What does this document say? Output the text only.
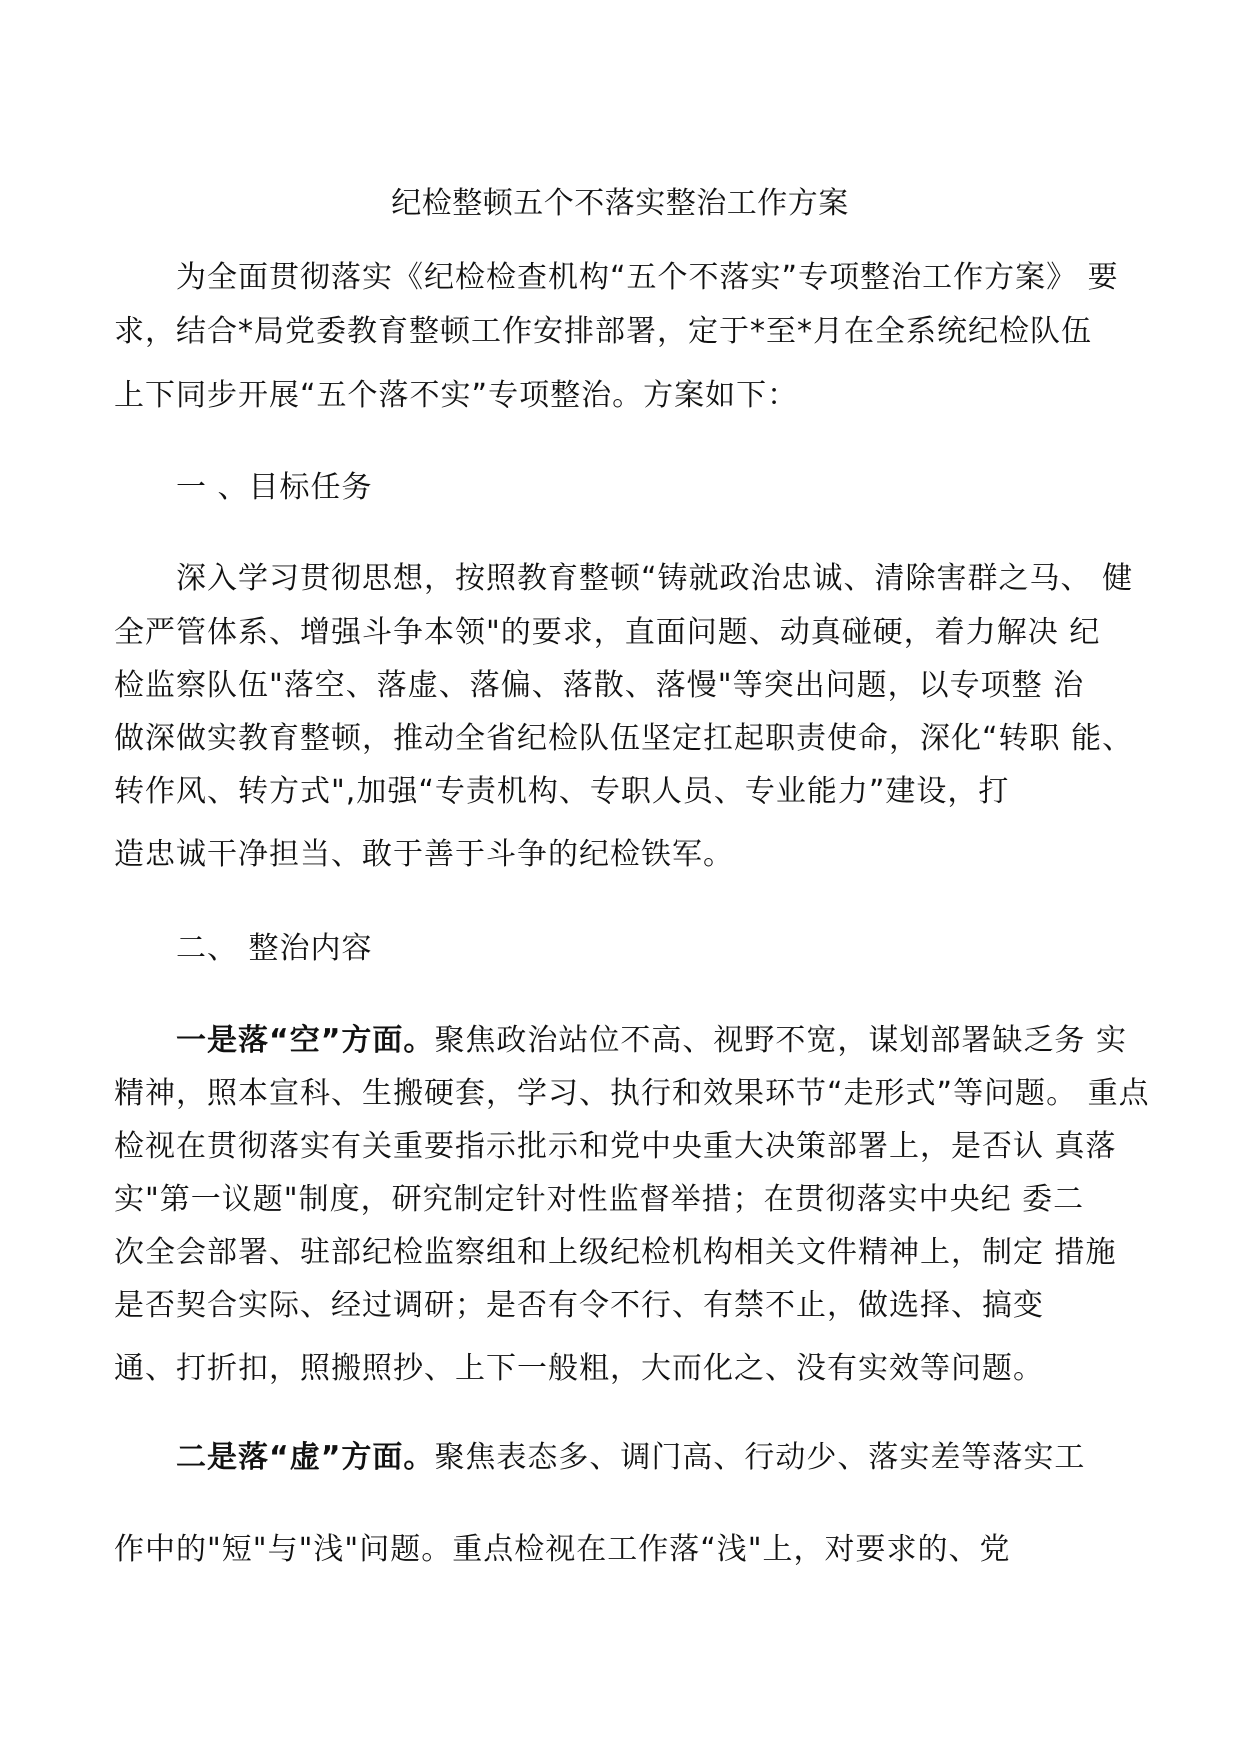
纪检整顿五个不落实整治工作方案
为全面贯彻落实《纪检检查机构“五个不落实”专项整治工作方案》 要
求，结合*局党委教育整顿工作安排部署，定于*至*月在全系统纪检队伍
上下同步开展“五个落不实”专项整治。方案如下：
一 、目标任务
深入学习贯彻思想，按照教育整顿“铸就政治忠诚、清除害群之马、 健
全严管体系、增强斗争本领"的要求，直面问题、动真碰硬，着力解决 纪
检监察队伍"落空、落虚、落偏、落散、落慢"等突出问题，以专项整 治
做深做实教育整顿，推动全省纪检队伍坚定扛起职责使命，深化“转职 能、
转作风、转方式",加强“专责机构、专职人员、专业能力”建设，打
造忠诚干净担当、敢于善于斗争的纪检铁军。
二、 整治内容
一是落“空”方面。聚焦政治站位不高、视野不宽，谋划部署缺乏务 实
精神，照本宣科、生搬硬套，学习、执行和效果环节“走形式”等问题。 重点
检视在贯彻落实有关重要指示批示和党中央重大决策部署上，是否认 真落
实"第一议题"制度，研究制定针对性监督举措；在贯彻落实中央纪 委二
次全会部署、驻部纪检监察组和上级纪检机构相关文件精神上，制定 措施
是否契合实际、经过调研；是否有令不行、有禁不止，做选择、搞变
通、打折扣，照搬照抄、上下一般粗，大而化之、没有实效等问题。
二是落“虚”方面。聚焦表态多、调门高、行动少、落实差等落实工
作中的"短"与"浅"问题。重点检视在工作落“浅"上，对要求的、党
